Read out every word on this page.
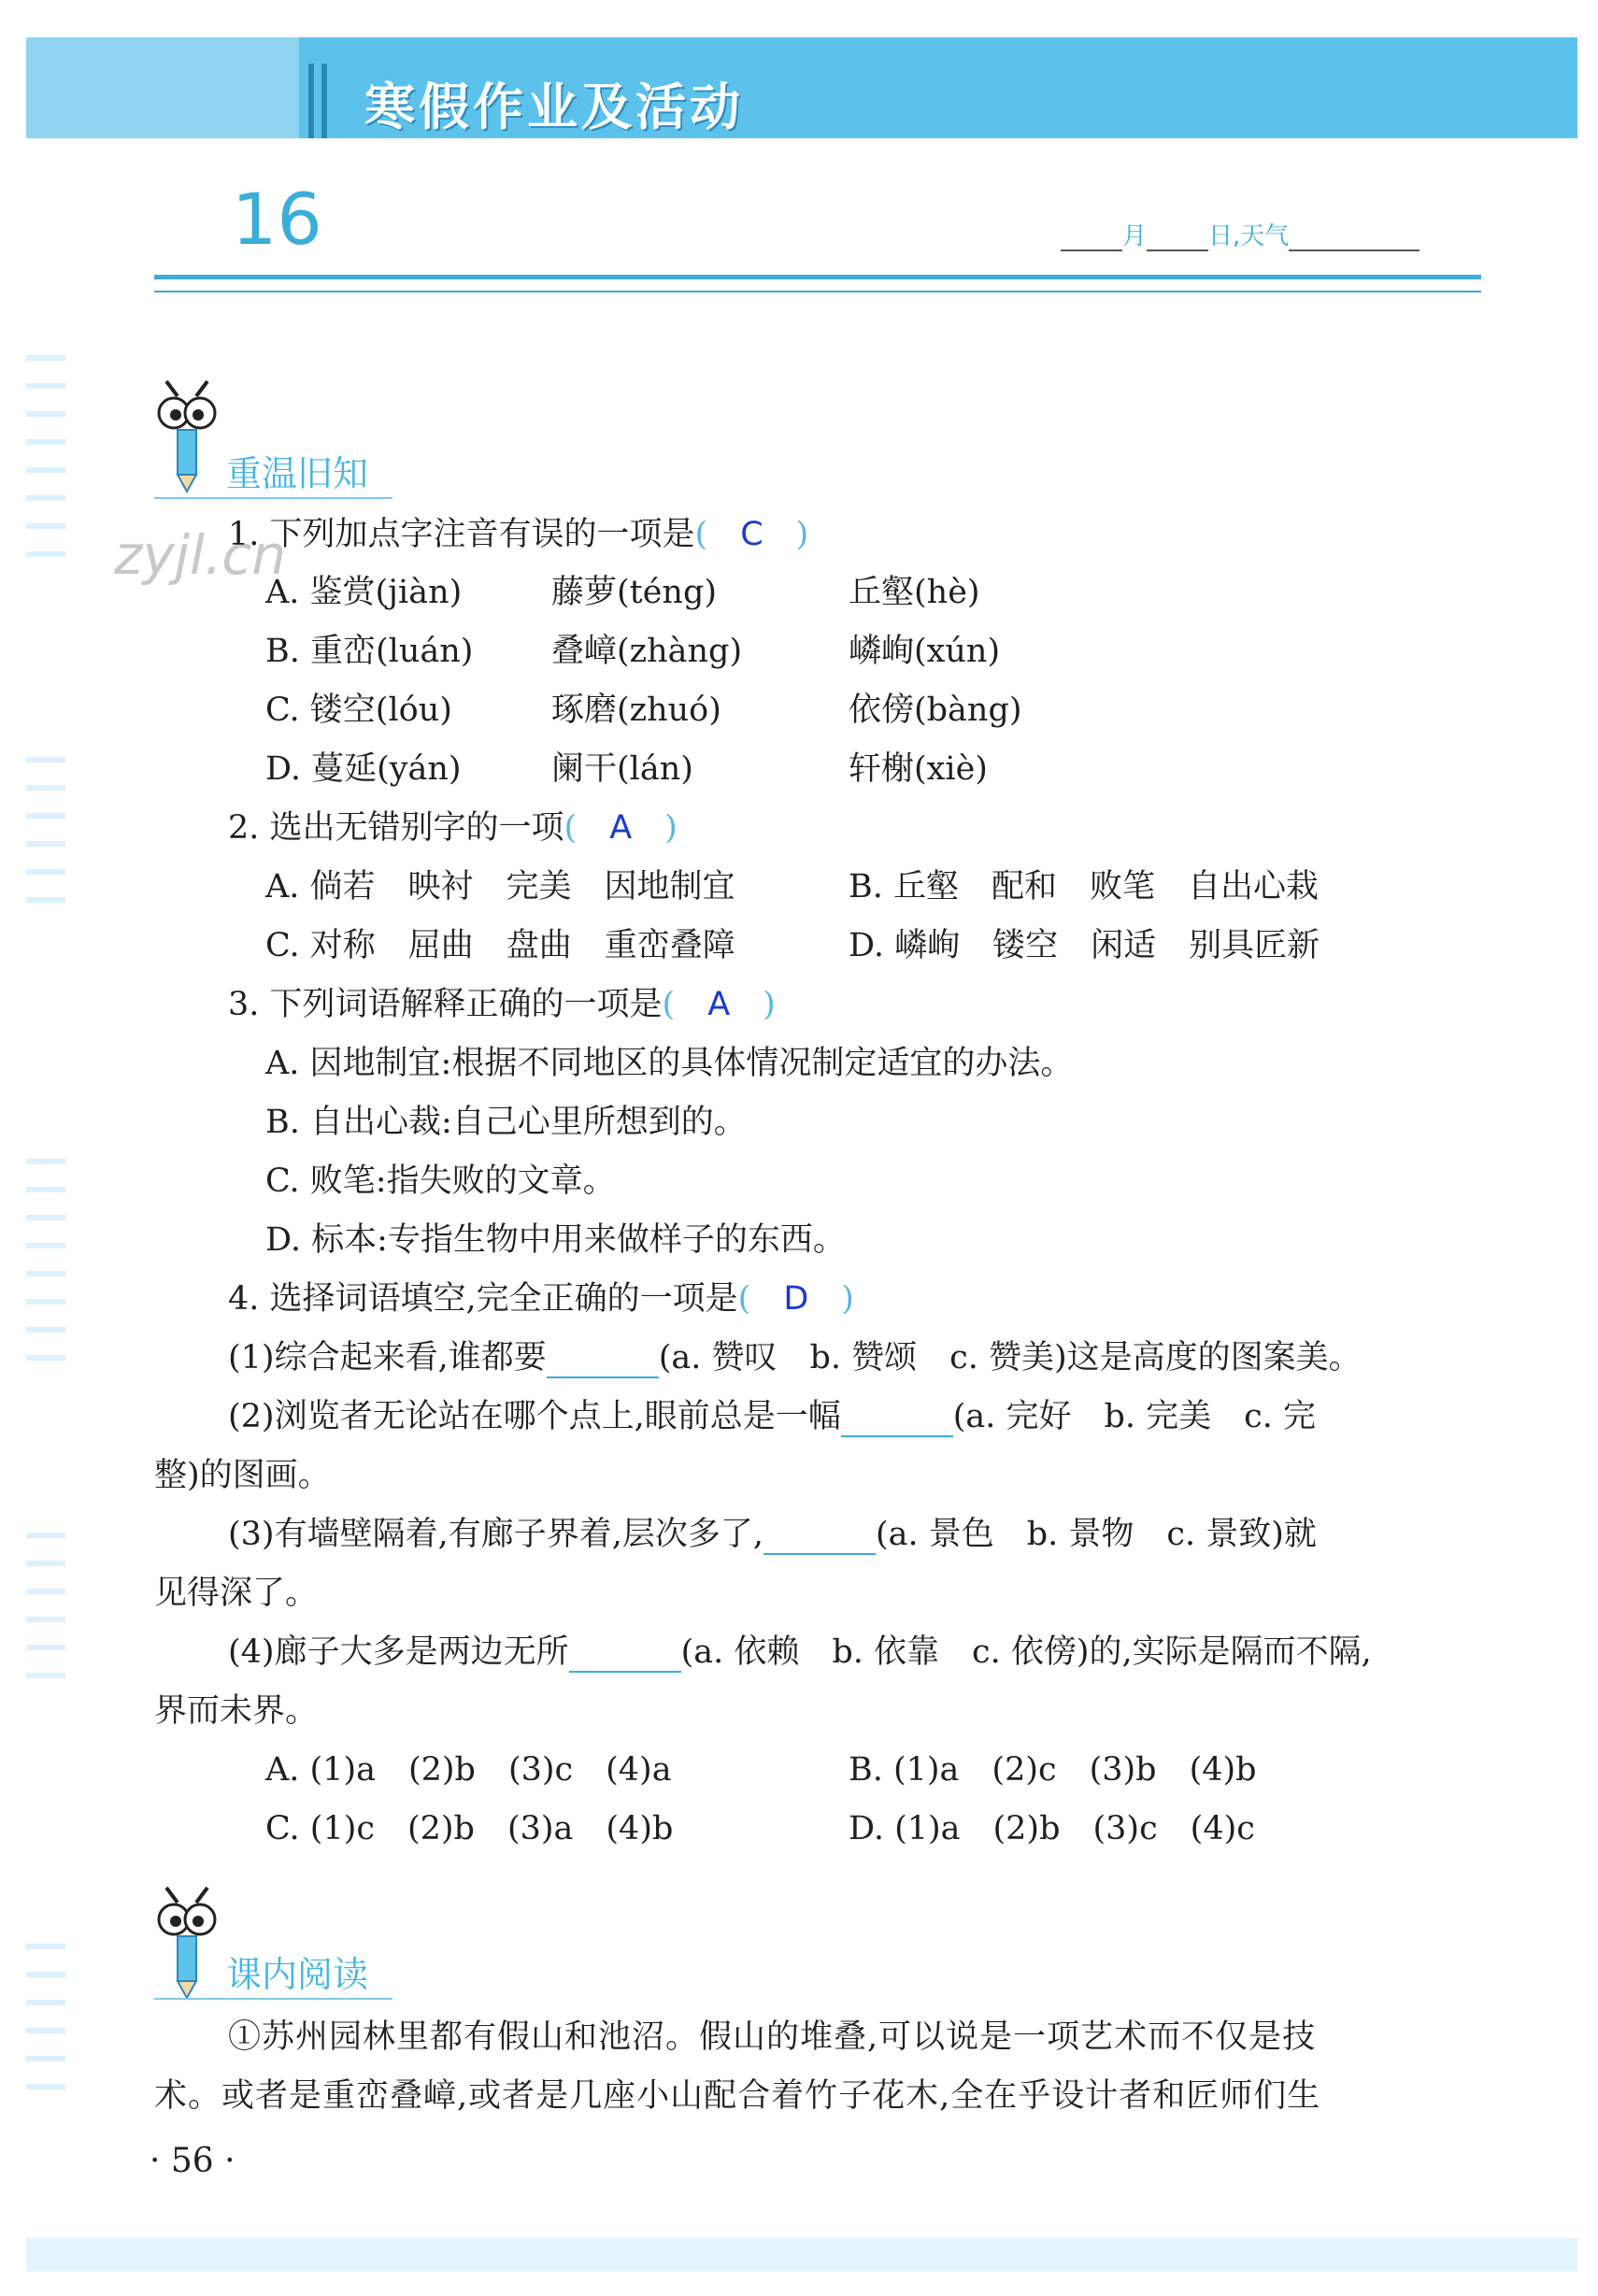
寒假作业及活动
16	月	日,天气
重温旧知
zyjl.cn
1. 下列加点字注音有误的一项是(　C　)
A. 鉴赏(jiàn)	藤萝(téng)	丘壑(hè)
B. 重峦(luán) 叠嶂(zhàng)	嶙峋(xún)
C. 镂空(lóu)	琢磨(zhuó)	依傍(bàng)
D. 蔓延(yán)	阑干(lán)	轩榭(xiè)
2. 选出无错别字的一项(　A　)
A. 倘若　映衬　完美　因地制宜	B. 丘壑　配和　败笔　自出心栽
C. 对称　屈曲　盘曲　重峦叠障	D. 嶙峋　镂空　闲适　别具匠新
3. 下列词语解释正确的一项是(　A　)
A. 因地制宜:根据不同地区的具体情况制定适宜的办法。
B. 自出心裁:自己心里所想到的。
C. 败笔:指失败的文章。
D. 标本:专指生物中用来做样子的东西。
4. 选择词语填空,完全正确的一项是(　D　)
(1)综合起来看,谁都要	(a. 赞叹　b. 赞颂　c. 赞美)这是高度的图案美。
(2)浏览者无论站在哪个点上,眼前总是一幅	(a. 完好　b. 完美　c. 完
整)的图画。
(3)有墙壁隔着,有廊子界着,层次多了,	(a. 景色　b. 景物　c. 景致)就
见得深了。
(4)廊子大多是两边无所	(a. 依赖　b. 依靠　c. 依傍)的,实际是隔而不隔,
界而未界。
A. (1)a　(2)b　(3)c　(4)a	B. (1)a　(2)c　(3)b　(4)b
C. (1)c　(2)b　(3)a　(4)b	D. (1)a　(2)b　(3)c　(4)c
课内阅读
①苏州园林里都有假山和池沼。假山的堆叠,可以说是一项艺术而不仅是技
术。或者是重峦叠嶂,或者是几座小山配合着竹子花木,全在乎设计者和匠师们生
· 56 ·
